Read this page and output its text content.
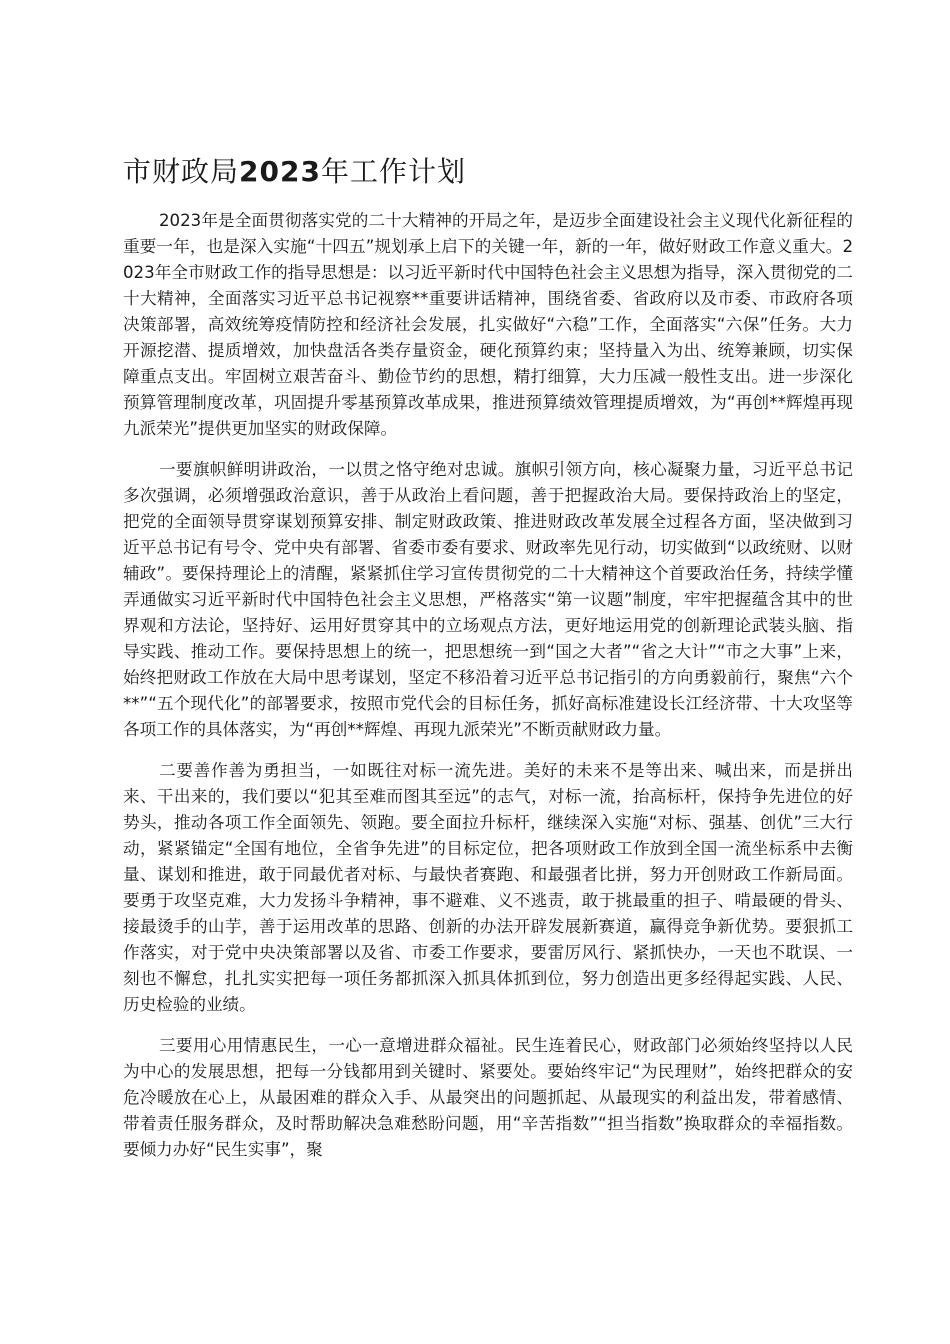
市财政局2023年工作计划

2023年是全面贯彻落实党的二十大精神的开局之年，是迈步全面建设社会主义现代化新征程的重要一年，也是深入实施“十四五”规划承上启下的关键一年，新的一年，做好财政工作意义重大。2023年全市财政工作的指导思想是：以习近平新时代中国特色社会主义思想为指导，深入贯彻党的二十大精神，全面落实习近平总书记视察**重要讲话精神，围绕省委、省政府以及市委、市政府各项决策部署，高效统筹疫情防控和经济社会发展，扎实做好“六稳”工作，全面落实“六保”任务。大力开源挖潜、提质增效，加快盘活各类存量资金，硬化预算约束；坚持量入为出、统筹兼顾，切实保障重点支出。牢固树立艰苦奋斗、勤俭节约的思想，精打细算，大力压减一般性支出。进一步深化预算管理制度改革，巩固提升零基预算改革成果，推进预算绩效管理提质增效，为“再创**辉煌再现九派荣光”提供更加坚实的财政保障。

一要旗帜鲜明讲政治，一以贯之恪守绝对忠诚。旗帜引领方向，核心凝聚力量，习近平总书记多次强调，必须增强政治意识，善于从政治上看问题，善于把握政治大局。要保持政治上的坚定，把党的全面领导贯穿谋划预算安排、制定财政政策、推进财政改革发展全过程各方面，坚决做到习近平总书记有号令、党中央有部署、省委市委有要求、财政率先见行动，切实做到“以政统财、以财辅政”。要保持理论上的清醒，紧紧抓住学习宣传贯彻党的二十大精神这个首要政治任务，持续学懂弄通做实习近平新时代中国特色社会主义思想，严格落实“第一议题”制度，牢牢把握蕴含其中的世界观和方法论，坚持好、运用好贯穿其中的立场观点方法，更好地运用党的创新理论武装头脑、指导实践、推动工作。要保持思想上的统一，把思想统一到“国之大者”“省之大计”“市之大事”上来，始终把财政工作放在大局中思考谋划，坚定不移沿着习近平总书记指引的方向勇毅前行，聚焦“六个**”“五个现代化”的部署要求，按照市党代会的目标任务，抓好高标准建设长江经济带、十大攻坚等各项工作的具体落实，为“再创**辉煌、再现九派荣光”不断贡献财政力量。

二要善作善为勇担当，一如既往对标一流先进。美好的未来不是等出来、喊出来，而是拼出来、干出来的，我们要以“犯其至难而图其至远”的志气，对标一流，抬高标杆，保持争先进位的好势头，推动各项工作全面领先、领跑。要全面拉升标杆，继续深入实施“对标、强基、创优”三大行动，紧紧锚定“全国有地位，全省争先进”的目标定位，把各项财政工作放到全国一流坐标系中去衡量、谋划和推进，敢于同最优者对标、与最快者赛跑、和最强者比拼，努力开创财政工作新局面。要勇于攻坚克难，大力发扬斗争精神，事不避难、义不逃责，敢于挑最重的担子、啃最硬的骨头、接最烫手的山芋，善于运用改革的思路、创新的办法开辟发展新赛道，赢得竞争新优势。要狠抓工作落实，对于党中央决策部署以及省、市委工作要求，要雷厉风行、紧抓快办，一天也不耽误、一刻也不懈怠，扎扎实实把每一项任务都抓深入抓具体抓到位，努力创造出更多经得起实践、人民、历史检验的业绩。

三要用心用情惠民生，一心一意增进群众福祉。民生连着民心，财政部门必须始终坚持以人民为中心的发展思想，把每一分钱都用到关键时、紧要处。要始终牢记“为民理财”，始终把群众的安危冷暖放在心上，从最困难的群众入手、从最突出的问题抓起、从最现实的利益出发，带着感情、带着责任服务群众，及时帮助解决急难愁盼问题，用“辛苦指数”“担当指数”换取群众的幸福指数。要倾力办好“民生实事”，聚
